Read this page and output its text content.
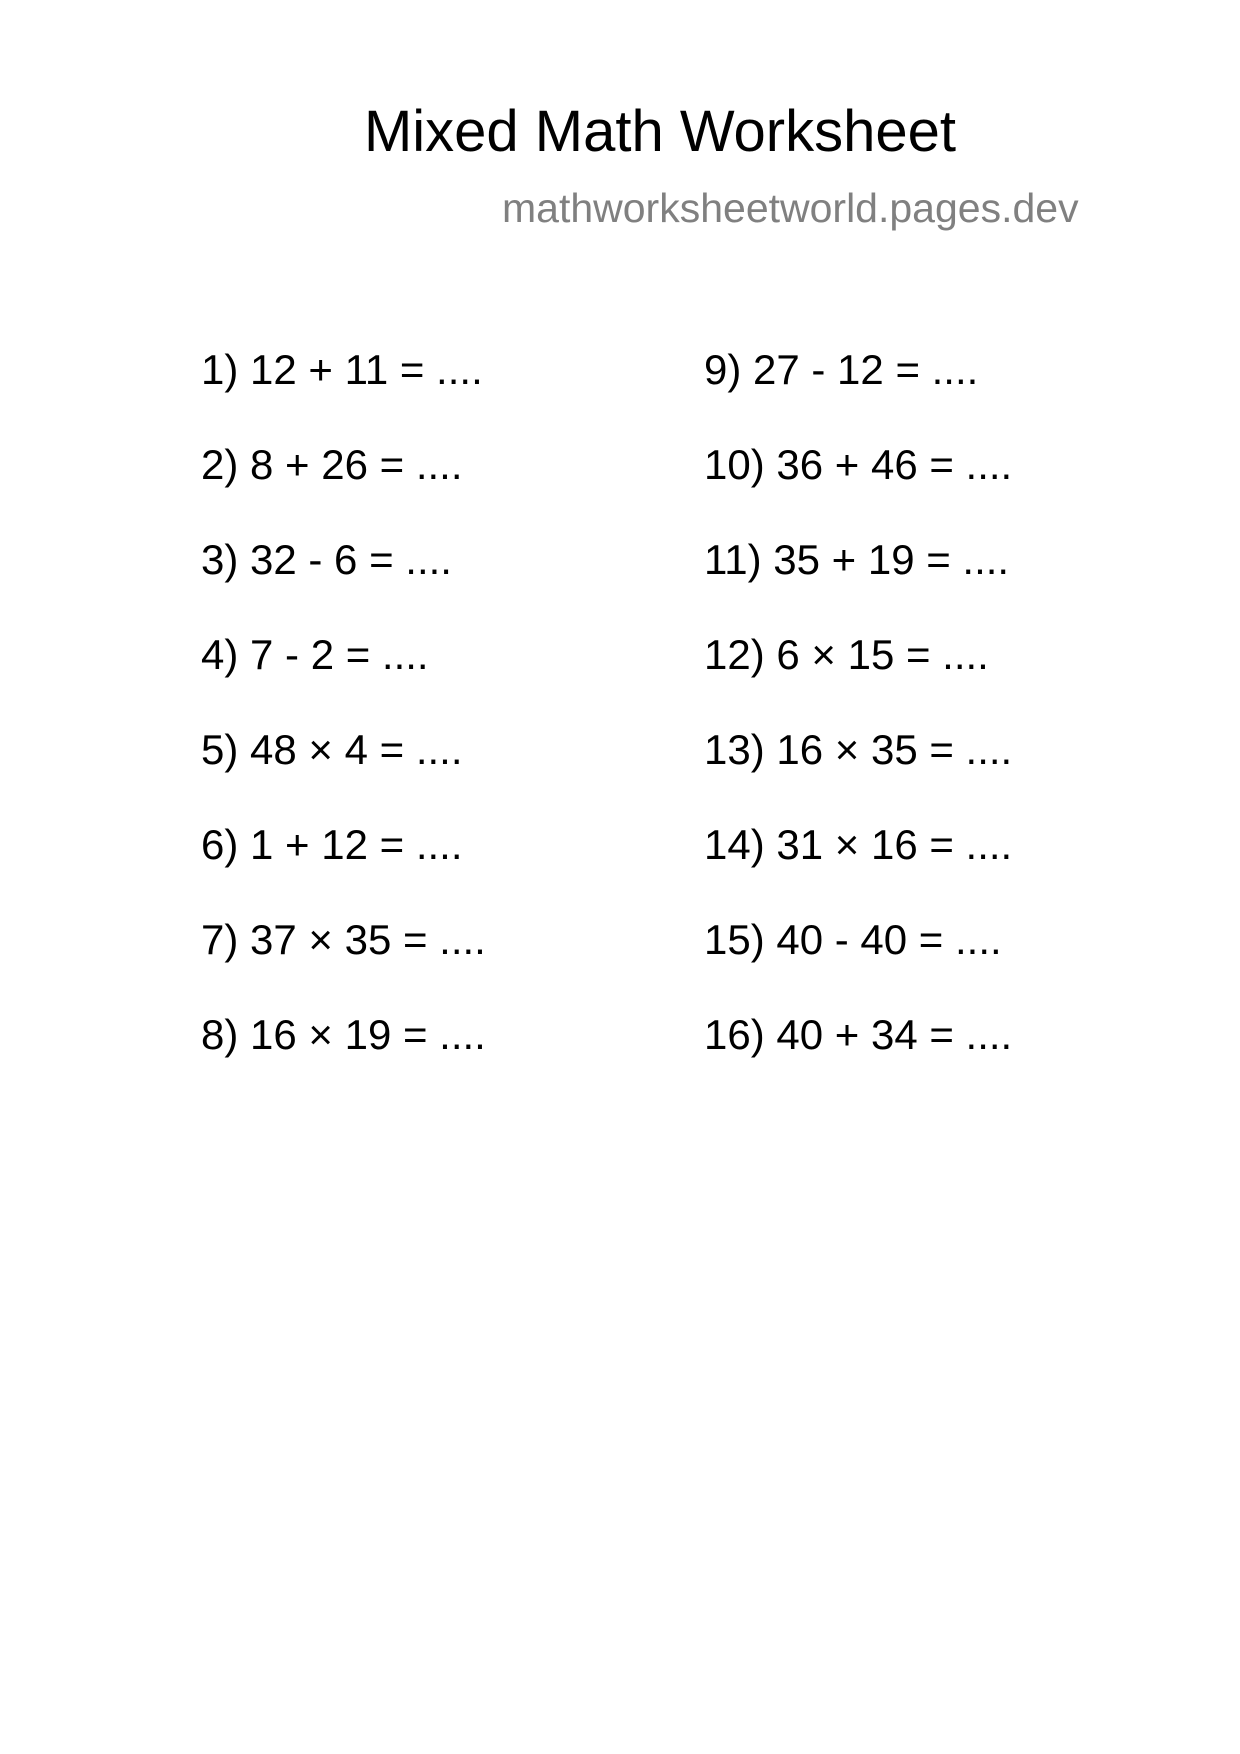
Mixed Math Worksheet
mathworksheetworld.pages.dev
1) 12 + 11 = ....
2) 8 + 26 = ....
3) 32 - 6 = ....
4) 7 - 2 = ....
5) 48 × 4 = ....
6) 1 + 12 = ....
7) 37 × 35 = ....
8) 16 × 19 = ....
9) 27 - 12 = ....
10) 36 + 46 = ....
11) 35 + 19 = ....
12) 6 × 15 = ....
13) 16 × 35 = ....
14) 31 × 16 = ....
15) 40 - 40 = ....
16) 40 + 34 = ....
